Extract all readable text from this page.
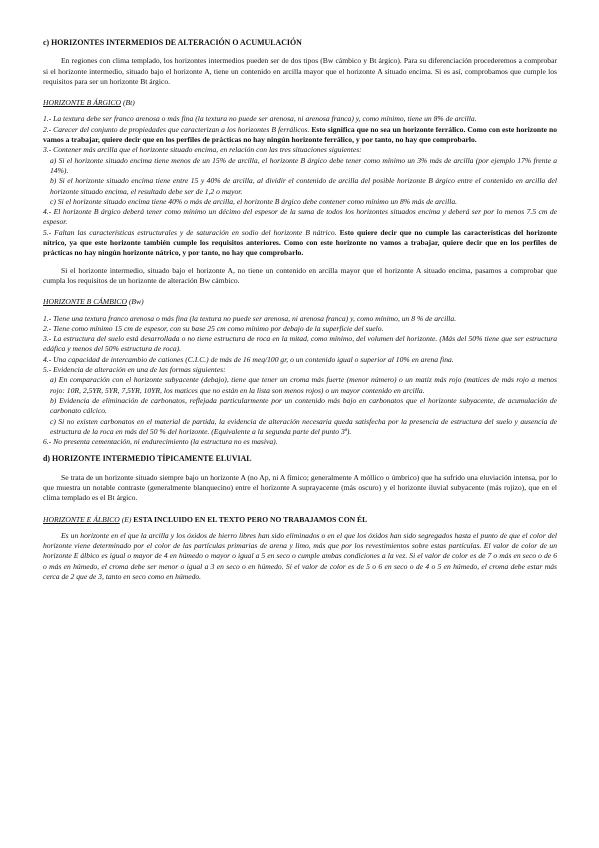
c) HORIZONTES INTERMEDIOS DE ALTERACIÓN O ACUMULACIÓN

En regiones con clima templado, los horizontes intermedios pueden ser de dos tipos (Bw cámbico y Bt árgico). Para su diferenciación procederemos a comprobar si el horizonte intermedio, situado bajo el horizonte A, tiene un contenido en arcilla mayor que el horizonte A situado encima. Si es así, comprobamos que cumple los requisitos para ser un horizonte Bt árgico.

HORIZONTE B ÁRGICO (Bt)

1.- La textura debe ser franco arenosa o más fina (la textura no puede ser arenosa, ni arenosa franca) y, como mínimo, tiene un 8% de arcilla.

2.- Carecer del conjunto de propiedades que caracterizan a los horizontes B ferrálicos. Esto significa que no sea un horizonte ferrálico. Como con este horizonte no vamos a trabajar, quiere decir que en los perfiles de prácticas no hay ningún horizonte ferrálico, y por tanto, no hay que comprobarlo.

3.- Contener más arcilla que el horizonte situado encima, en relación con las tres situaciones siguientes:

a) Si el horizonte situado encima tiene menos de un 15% de arcilla, el horizonte B árgico debe tener como mínimo un 3% más de arcilla (por ejemplo 17% frente a 14%).

b) Si el horizonte situado encima tiene entre 15 y 40% de arcilla, al dividir el contenido de arcilla del posible horizonte B árgico entre el contenido en arcilla del horizonte situado encima, el resultado debe ser de 1,2 o mayor.

c) Si el horizonte situado encima tiene 40% o más de arcilla, el horizonte B árgico debe contener como mínimo un 8% más de arcilla.

4.- El horizonte B árgico deberá tener como mínimo un décimo del espesor de la suma de todos los horizontes situados encima y deberá ser por lo menos 7.5 cm de espesor.

5.- Faltan las características estructurales y de saturación en sodio del horizonte B nátrico. Esto quiere decir que no cumple las características del horizonte nítrico, ya que este horizonte también cumple los requisitos anteriores. Como con este horizonte no vamos a trabajar, quiere decir que en los perfiles de prácticas no hay ningún horizonte nátrico, y por tanto, no hay que comprobarlo.

Si el horizonte intermedio, situado bajo el horizonte A, no tiene un contenido en arcilla mayor que el horizonte A situado encima, pasamos a comprobar que cumpla los requisitos de un horizonte de alteración Bw cámbico.

HORIZONTE B CÁMBICO (Bw)

1.- Tiene una textura franco arenosa o más fina (la textura no puede ser arenosa, ni arenosa franca) y, como mínimo, un 8 % de arcilla.

2.- Tiene como mínimo 15 cm de espesor, con su base 25 cm como mínimo por debajo de la superficie del suelo.

3.- La estructura del suelo está desarrollada o no tiene estructura de roca en la mitad, como mínimo, del volumen del horizonte. (Más del 50% tiene que ser estructura edáfica y menos del 50% estructura de roca).

4.- Una capacidad de intercambio de cationes (C.I.C.) de más de 16 meq/100 gr, o un contenido igual o superior al 10% en arena fina.

5.- Evidencia de alteración en una de las formas siguientes:

a) En comparación con el horizonte subyacente (debajo), tiene que tener un croma más fuerte (menor número) o un matiz más rojo (matices de más rojo a menos rojo: 10R, 2,5YR, 5YR, 7,5YR, 10YR, los matices que no están en la lista son menos rojos) o un mayor contenido en arcilla.

b) Evidencia de eliminación de carbonatos, reflejada particularmente por un contenido más bajo en carbonatos que el horizonte subyacente, de acumulación de carbonato cálcico.

c) Si no existen carbonatos en el material de partida, la evidencia de alteración necesaria queda satisfecha por la presencia de estructura del suelo y ausencia de estructura de la roca en más del 50 % del horizonte. (Equivalente a la segunda parte del punto 3ª).

6.- No presenta cementación, ni endurecimiento (la estructura no es masiva).

d) HORIZONTE INTERMEDIO TÍPICAMENTE ELUVIAL

Se trata de un horizonte situado siempre bajo un horizonte A (no Ap, ni A fímico; generalmente A móllico o úmbrico) que ha sufrido una eluviación intensa, por lo que muestra un notable contraste (generalmente blanquecino) entre el horizonte A suprayacente (más oscuro) y el horizonte iluvial subyacente (más rojizo), que en el clima templado es el Bt árgico.

HORIZONTE E ÁLBICO (E) ESTA INCLUIDO EN EL TEXTO PERO NO TRABAJAMOS CON ÉL

Es un horizonte en el que la arcilla y los óxidos de hierro libres han sido eliminados o en el que los óxidos han sido segregados hasta el punto de que el color del horizonte viene determinado por el color de las partículas primarias de arena y limo, más que por los revestimientos sobre estas partículas. El valor de color de un horizonte E álbico es igual o mayor de 4 en húmedo o mayor o igual a 5 en seco o cumple ambas condiciones a la vez. Si el valor de color es de 7 o más en seco o de 6 o más en húmedo, el croma debe ser menor o igual a 3 en seco o en húmedo. Si el valor de color es de 5 o 6 en seco o de 4 o 5 en húmedo, el croma debe estar más cerca de 2 que de 3, tanto en seco como en húmedo.
